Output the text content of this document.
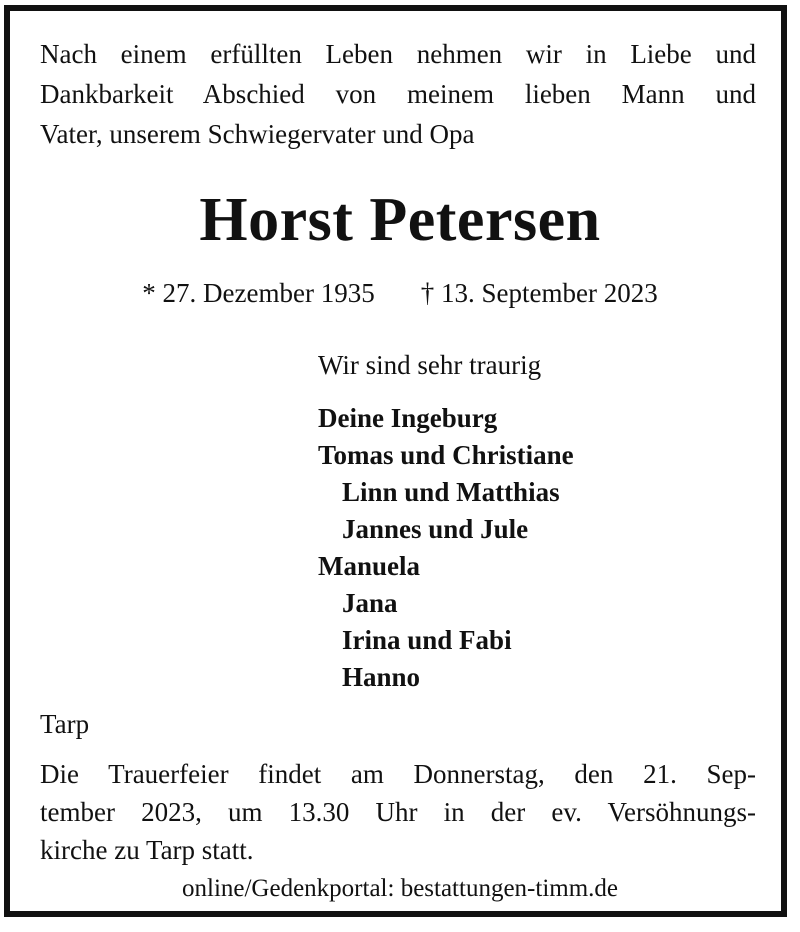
Nach einem erfüllten Leben nehmen wir in Liebe und
Dankbarkeit Abschied von meinem lieben Mann und
Vater, unserem Schwiegervater und Opa
Horst Petersen
* 27. Dezember 1935 † 13. September 2023
Wir sind sehr traurig
Deine Ingeburg
Tomas und Christiane
Linn und Matthias
Jannes und Jule
Manuela
Jana
Irina und Fabi
Hanno
Tarp
Die Trauerfeier findet am Donnerstag, den 21. Sep-
tember 2023, um 13.30 Uhr in der ev. Versöhnungs-
kirche zu Tarp statt.
online/Gedenkportal: bestattungen-timm.de
